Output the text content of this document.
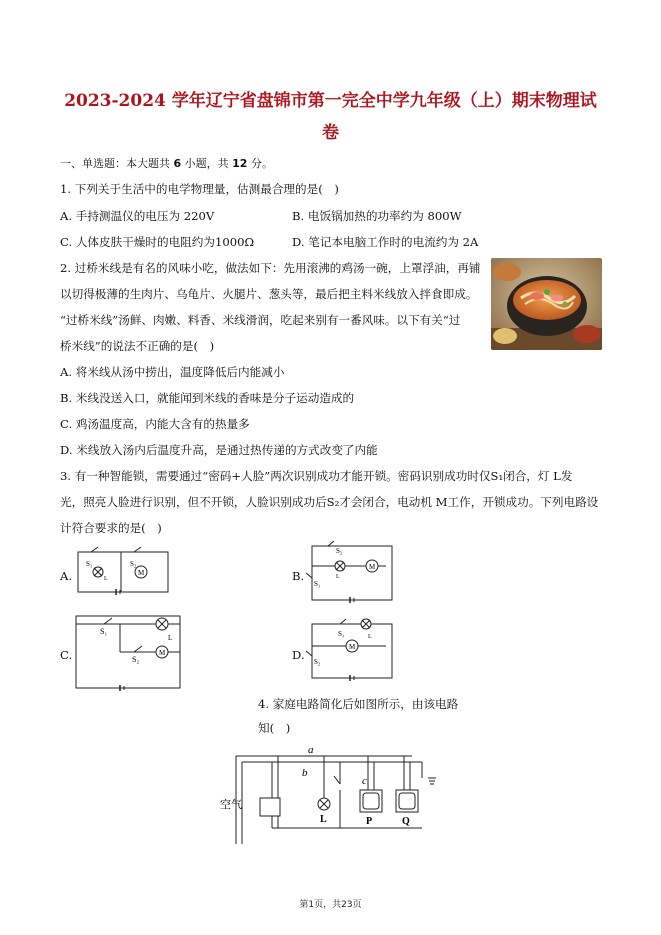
2023-2024 学年辽宁省盘锦市第一完全中学九年级（上）期末物理试
卷
一、单选题：本大题共 6 小题，共 12 分。
1. 下列关于生活中的电学物理量，估测最合理的是(　)
A. 手持测温仪的电压为 220V	B. 电饭锅加热的功率约为 800W
C. 人体皮肤干燥时的电阻约为1000Ω	D. 笔记本电脑工作时的电流约为 2A
2. 过桥米线是有名的风味小吃，做法如下：先用滚沸的鸡汤一碗，上罩浮油，再铺
以切得极薄的生肉片、乌龟片、火腿片、葱头等，最后把主料米线放入拌食即成。
“过桥米线”汤鲜、肉嫩、料香、米线滑润，吃起来别有一番风味。以下有关“过
桥米线”的说法不正确的是(　)
A. 将米线从汤中捞出，温度降低后内能减小
B. 米线没送入口，就能闻到米线的香味是分子运动造成的
C. 鸡汤温度高，内能大含有的热量多
D. 米线放入汤内后温度升高，是通过热传递的方式改变了内能
3. 有一种智能锁，需要通过“密码+人脸”两次识别成功才能开锁。密码识别成功时仅S₁闭合，灯 L发
光，照亮人脸进行识别，但不开锁，人脸识别成功后S₂才会闭合，电动机 M工作，开锁成功。下列电路设
计符合要求的是(　)
A.
S₁	S₂
M
L	B.
S₂
S₁
M
L
C.
S₁
S₂
M
L
D.
S₁
S₂
M
L
4. 家庭电路简化后如图所示，由该电路
知(　)
a
b
c
空气
L	P	Q
第1页，共23页
